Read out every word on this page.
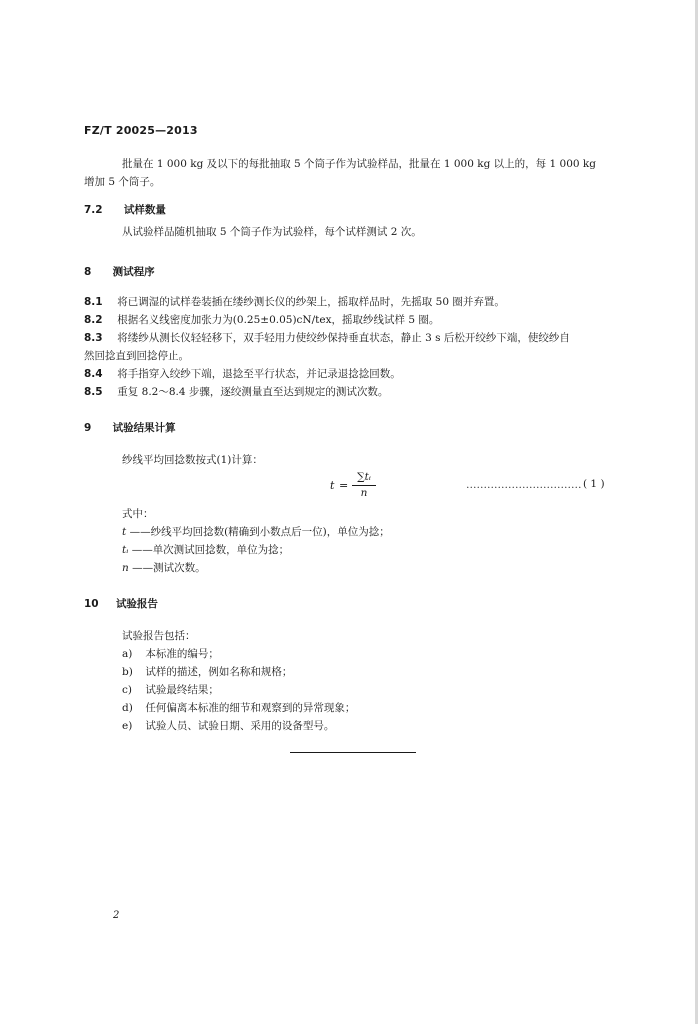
FZ/T 20025—2013
批量在 1 000 kg 及以下的每批抽取 5 个筒子作为试验样品，批量在 1 000 kg 以上的，每 1 000 kg
增加 5 个筒子。
7.2 试样数量
从试验样品随机抽取 5 个筒子作为试验样，每个试样测试 2 次。
8 测试程序
8.1 将已调湿的试样卷装插在缕纱测长仪的纱架上，摇取样品时，先摇取 50 圈并弃置。
8.2 根据名义线密度加张力为(0.25±0.05)cN/tex，摇取纱线试样 5 圈。
8.3 将缕纱从测长仪轻轻移下，双手轻用力使绞纱保持垂直状态，静止 3 s 后松开绞纱下端，使绞纱自
然回捻直到回捻停止。
8.4 将手指穿入绞纱下端，退捻至平行状态，并记录退捻捻回数。
8.5 重复 8.2～8.4 步骤，逐绞测量直至达到规定的测试次数。
9 试验结果计算
纱线平均回捻数按式(1)计算：
t =
∑tᵢ
n
…………………………… ( 1 )
式中：
t ——纱线平均回捻数(精确到小数点后一位)，单位为捻；
tᵢ ——单次测试回捻数，单位为捻；
n ——测试次数。
10 试验报告
试验报告包括：
a) 本标准的编号；
b) 试样的描述，例如名称和规格；
c) 试验最终结果；
d) 任何偏离本标准的细节和观察到的异常现象；
e) 试验人员、试验日期、采用的设备型号。
2
